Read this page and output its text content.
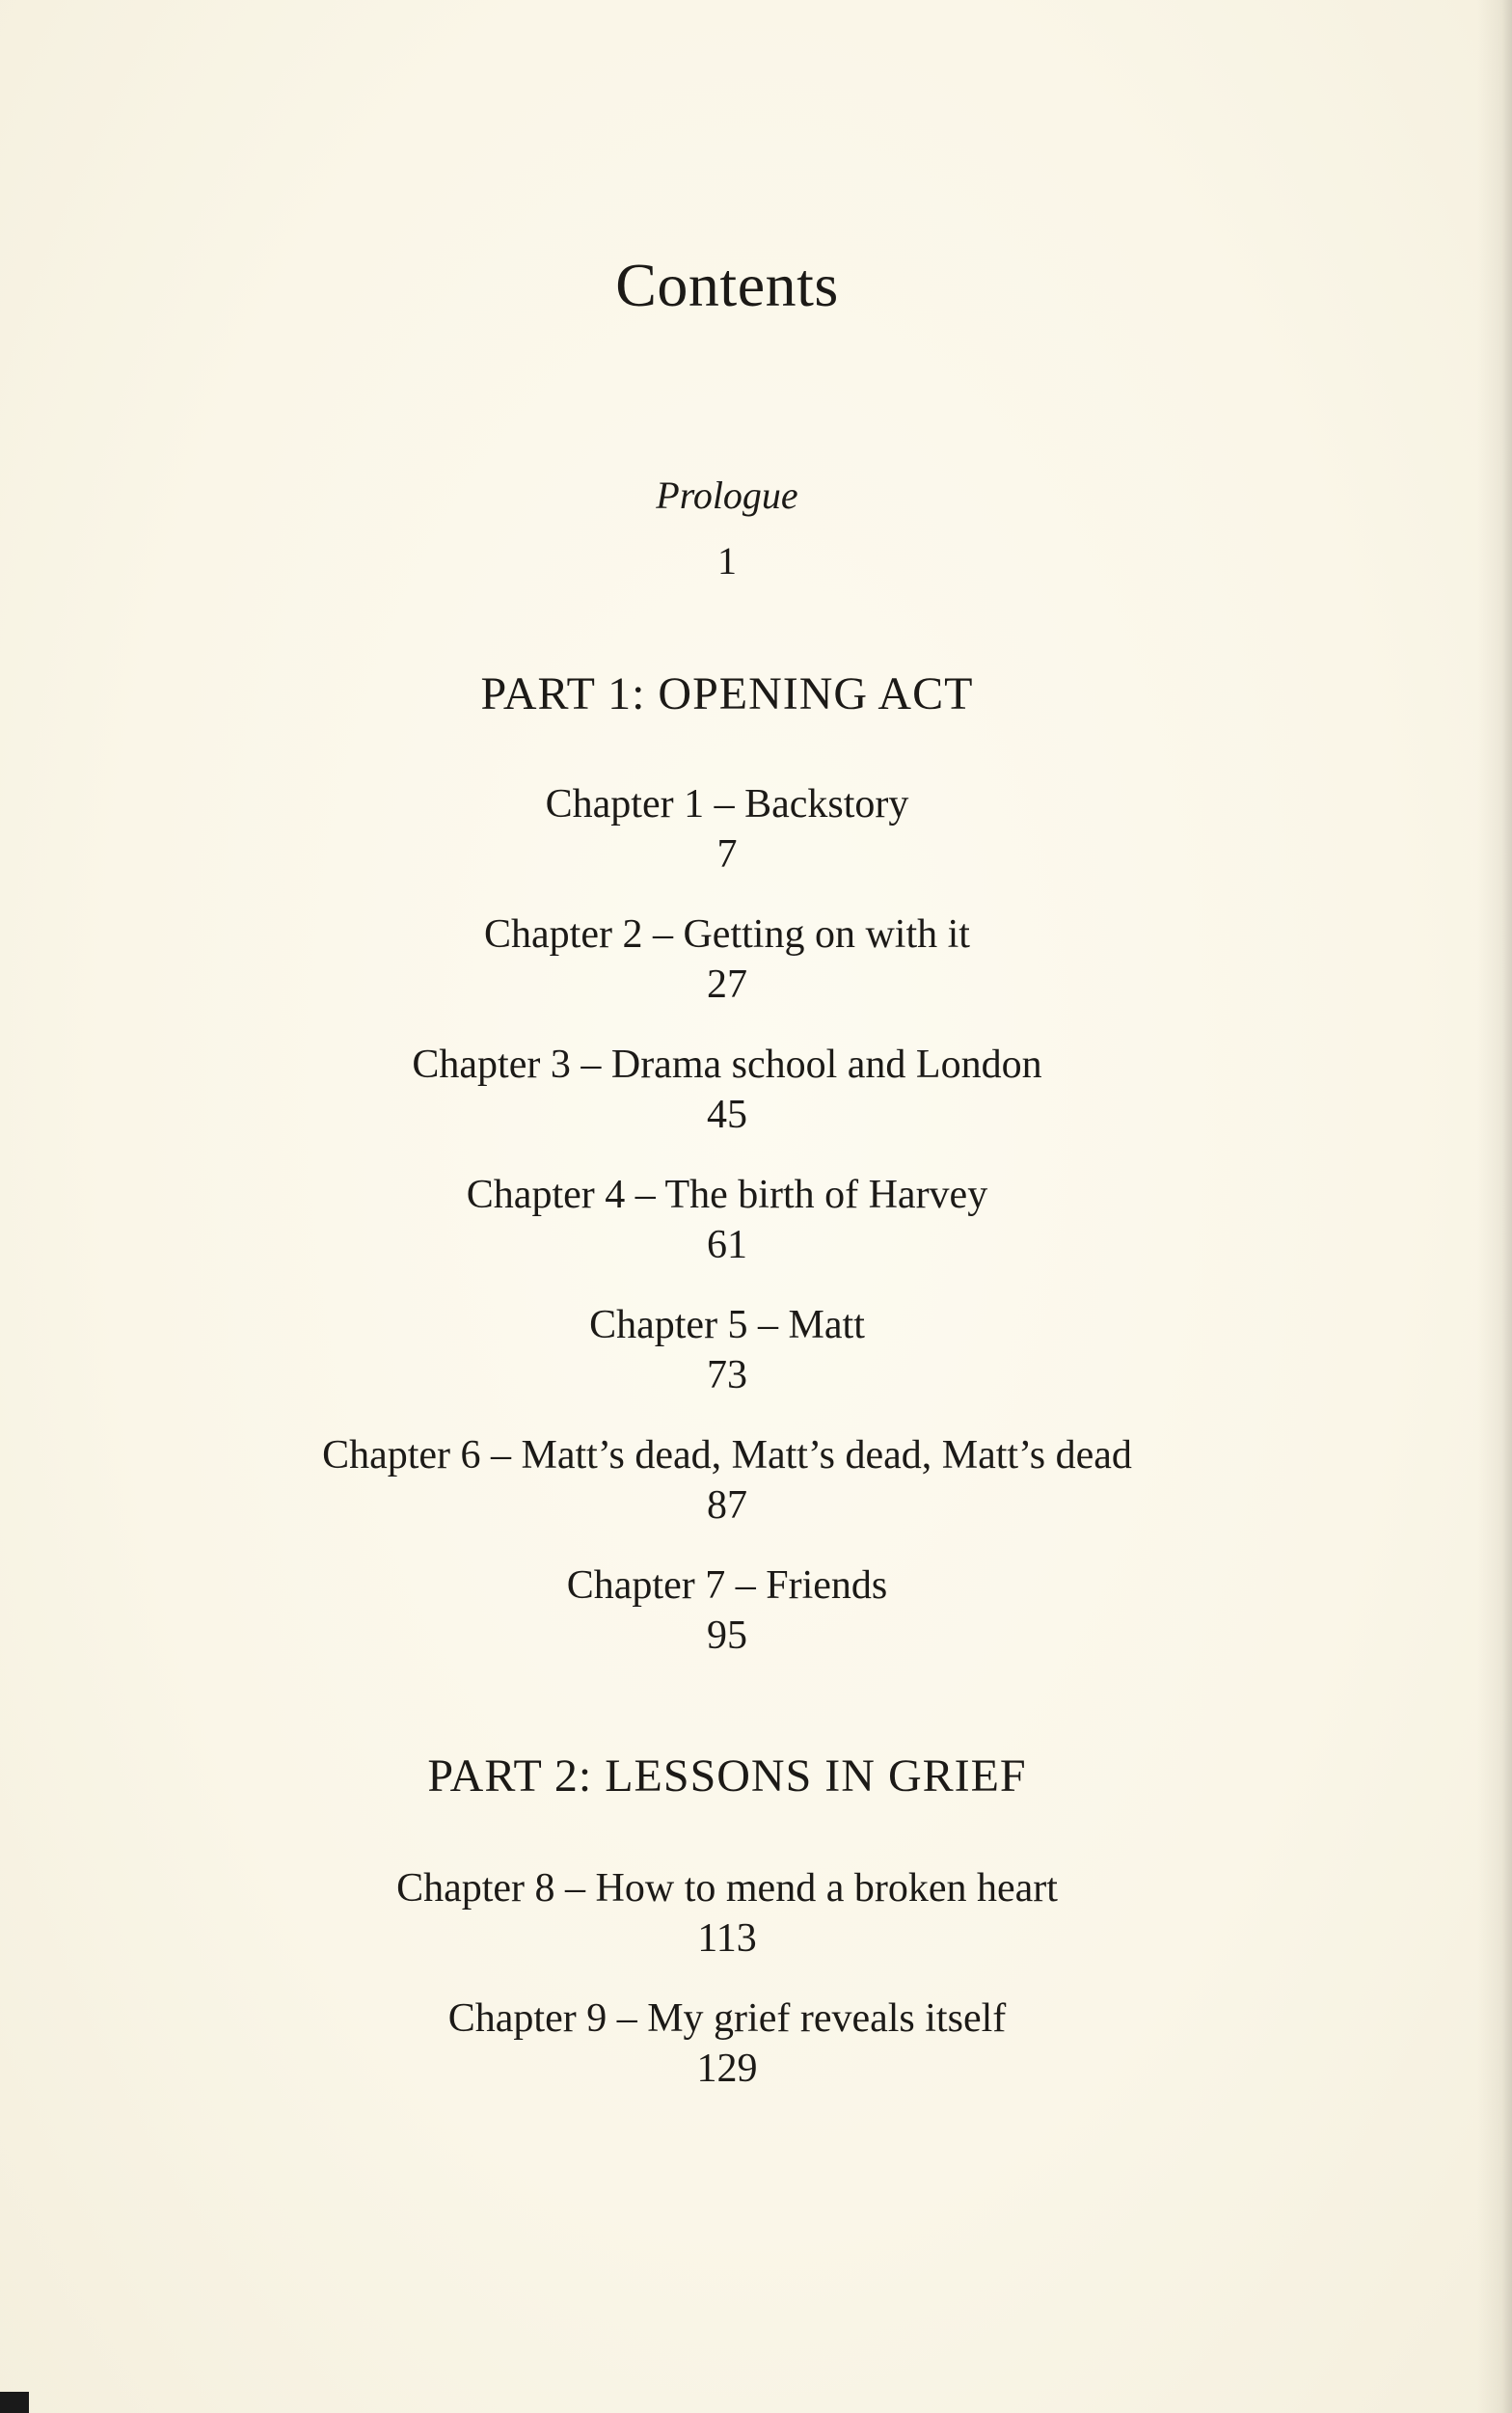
Contents
Prologue
1
PART 1: OPENING ACT
Chapter 1 – Backstory
7
Chapter 2 – Getting on with it
27
Chapter 3 – Drama school and London
45
Chapter 4 – The birth of Harvey
61
Chapter 5 – Matt
73
Chapter 6 – Matt’s dead, Matt’s dead, Matt’s dead
87
Chapter 7 – Friends
95
PART 2: LESSONS IN GRIEF
Chapter 8 – How to mend a broken heart
113
Chapter 9 – My grief reveals itself
129
